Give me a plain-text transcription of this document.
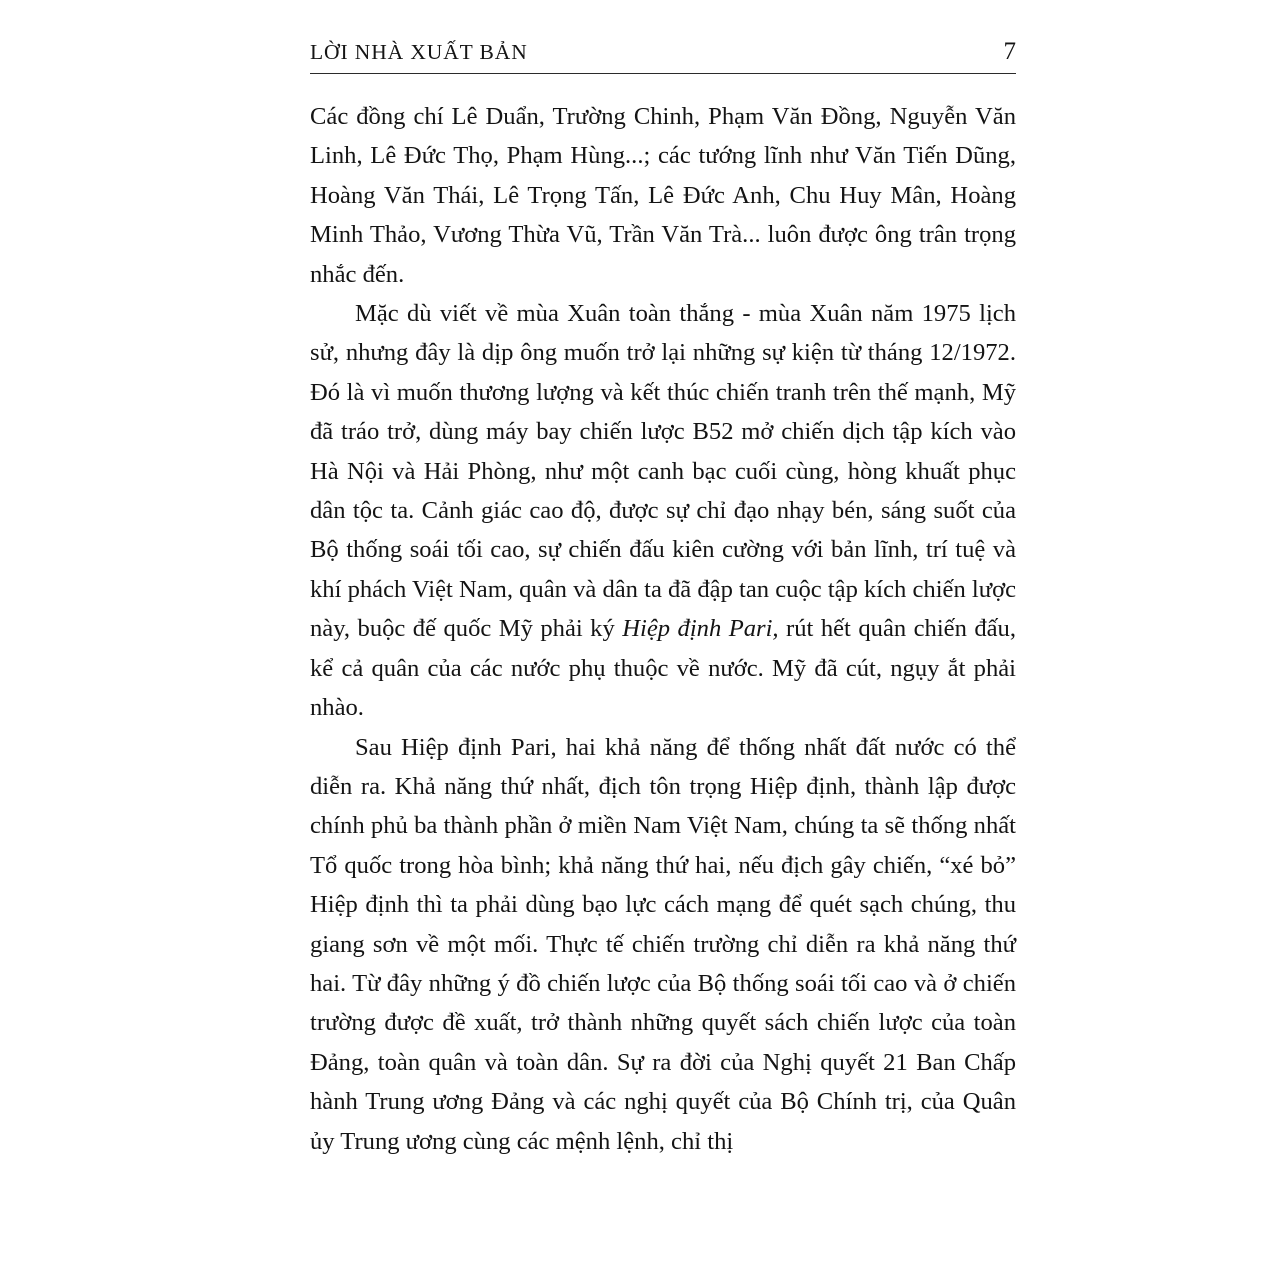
LỜI NHÀ XUẤT BẢN	7

Các đồng chí Lê Duẩn, Trường Chinh, Phạm Văn Đồng, Nguyễn Văn Linh, Lê Đức Thọ, Phạm Hùng...; các tướng lĩnh như Văn Tiến Dũng, Hoàng Văn Thái, Lê Trọng Tấn, Lê Đức Anh, Chu Huy Mân, Hoàng Minh Thảo, Vương Thừa Vũ, Trần Văn Trà... luôn được ông trân trọng nhắc đến.

Mặc dù viết về mùa Xuân toàn thắng - mùa Xuân năm 1975 lịch sử, nhưng đây là dịp ông muốn trở lại những sự kiện từ tháng 12/1972. Đó là vì muốn thương lượng và kết thúc chiến tranh trên thế mạnh, Mỹ đã tráo trở, dùng máy bay chiến lược B52 mở chiến dịch tập kích vào Hà Nội và Hải Phòng, như một canh bạc cuối cùng, hòng khuất phục dân tộc ta. Cảnh giác cao độ, được sự chỉ đạo nhạy bén, sáng suốt của Bộ thống soái tối cao, sự chiến đấu kiên cường với bản lĩnh, trí tuệ và khí phách Việt Nam, quân và dân ta đã đập tan cuộc tập kích chiến lược này, buộc đế quốc Mỹ phải ký Hiệp định Pari, rút hết quân chiến đấu, kể cả quân của các nước phụ thuộc về nước. Mỹ đã cút, ngụy ắt phải nhào.

Sau Hiệp định Pari, hai khả năng để thống nhất đất nước có thể diễn ra. Khả năng thứ nhất, địch tôn trọng Hiệp định, thành lập được chính phủ ba thành phần ở miền Nam Việt Nam, chúng ta sẽ thống nhất Tổ quốc trong hòa bình; khả năng thứ hai, nếu địch gây chiến, “xé bỏ” Hiệp định thì ta phải dùng bạo lực cách mạng để quét sạch chúng, thu giang sơn về một mối. Thực tế chiến trường chỉ diễn ra khả năng thứ hai. Từ đây những ý đồ chiến lược của Bộ thống soái tối cao và ở chiến trường được đề xuất, trở thành những quyết sách chiến lược của toàn Đảng, toàn quân và toàn dân. Sự ra đời của Nghị quyết 21 Ban Chấp hành Trung ương Đảng và các nghị quyết của Bộ Chính trị, của Quân ủy Trung ương cùng các mệnh lệnh, chỉ thị
